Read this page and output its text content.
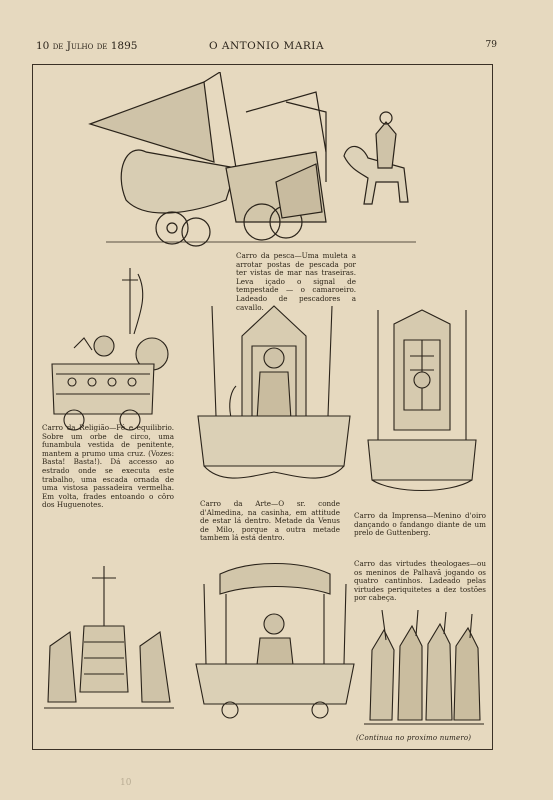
10 de Julho de 1895	O ANTONIO MARIA	79
Carro da pesca—Uma muleta a arrotar postas de pescada por ter vistas de mar nas traseiras. Leva içado o signal de tempestade — o camaroeiro. Ladeado de pescadores a cavallo.
Carro da Religião—Fé e equilibrio. Sobre um orbe de circo, uma funambula vestida de penitente, mantem a prumo uma cruz. (Vozes: Basta! Basta!). Dá accesso ao estrado onde se executa este trabalho, uma escada ornada de uma vistosa passadeira vermelha. Em volta, frades entoando o côro dos Huguenotes.	Carro da Arte—O sr. conde d'Almedina, na casinha, em attitude de estar lá dentro. Metade da Venus de Milo, porque a outra metade tambem lá está dentro.
Carro da Imprensa—Menino d'oiro dançando o fandango diante de um prelo de Guttenberg.
Carro das virtudes theologaes—ou os meninos de Palhavã jogando os quatro cantinhos. Ladeado pelas virtudes periquitetes a dez tostões por cabeça.
(Continua no proximo numero)
10
